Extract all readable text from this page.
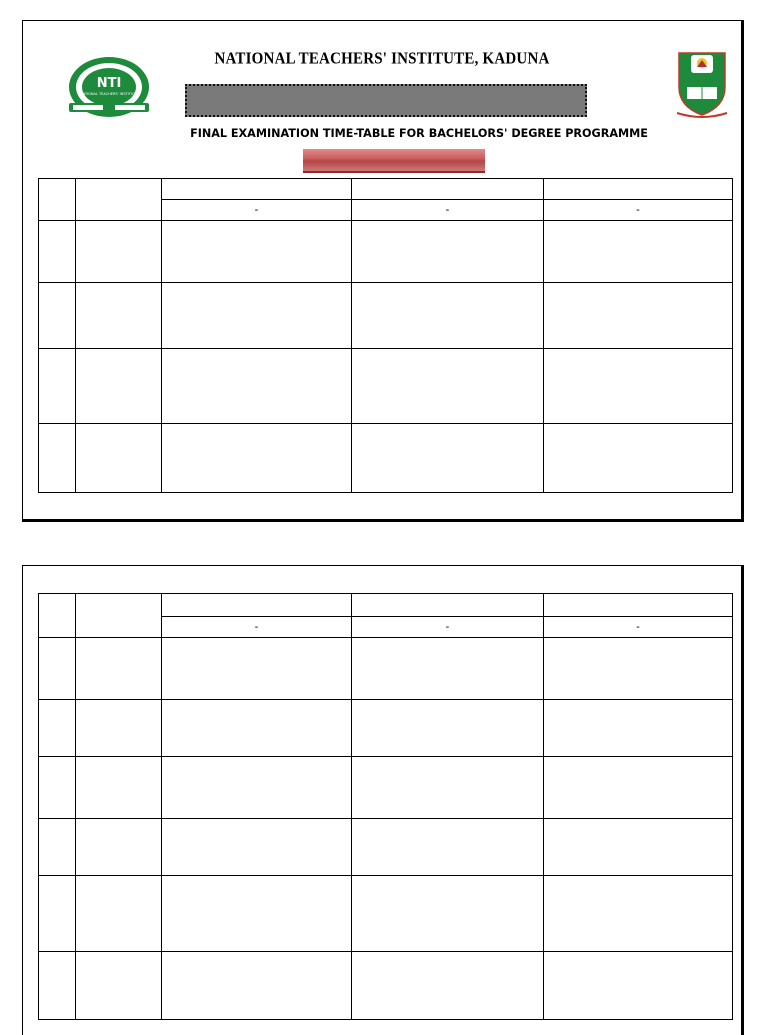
NTI
NATIONAL TEACHERS' INSTITUTE
NATIONAL TEACHERS' INSTITUTE, KADUNA
FINAL EXAMINATION TIME-TABLE FOR BACHELORS' DEGREE PROGRAMME

		-	-	-

		-	-	-
